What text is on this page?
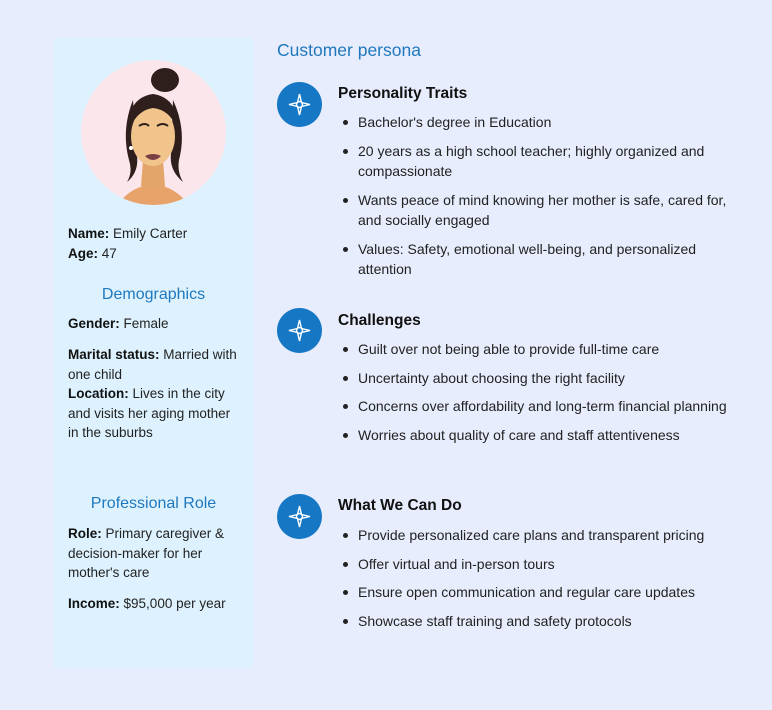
Name: Emily Carter
Age: 47
Demographics
Gender: Female
Marital status: Married with one child
Location: Lives in the city and visits her aging mother in the suburbs
Professional Role
Role: Primary caregiver & decision-maker for her mother's care
Income: $95,000 per year
Customer persona
Personality Traits
Bachelor's degree in Education
20 years as a high school teacher; highly organized and compassionate
Wants peace of mind knowing her mother is safe, cared for, and socially engaged
Values: Safety, emotional well-being, and personalized attention
Challenges
Guilt over not being able to provide full-time care
Uncertainty about choosing the right facility
Concerns over affordability and long-term financial planning
Worries about quality of care and staff attentiveness
What We Can Do
Provide personalized care plans and transparent pricing
Offer virtual and in-person tours
Ensure open communication and regular care updates
Showcase staff training and safety protocols
